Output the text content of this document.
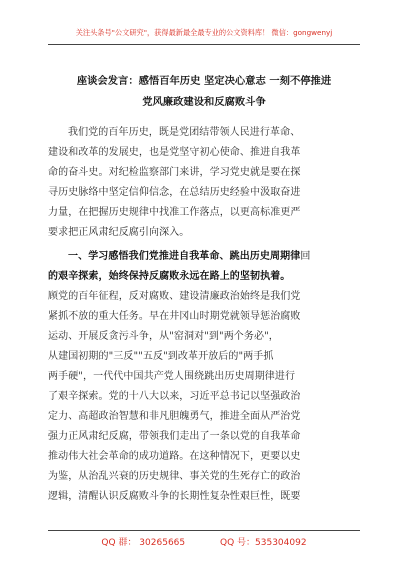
关注头条号"公文研究"，获得最新最全最专业的公文资料库！ 微信：gongwenyj
座谈会发言：感悟百年历史 坚定决心意志 一刻不停推进
党风廉政建设和反腐败斗争
我们党的百年历史，既是党团结带领人民进行革命、
建设和改革的发展史，也是党坚守初心使命、推进自我革
命的奋斗史。对纪检监察部门来讲，学习党史就是要在探
寻历史脉络中坚定信仰信念，在总结历史经验中汲取奋进
力量，在把握历史规律中找准工作落点，以更高标准更严
要求把正风肃纪反腐引向深入。
一、学习感悟我们党推进自我革命、跳出历史周期律回
的艰辛探索，始终保持反腐败永远在路上的坚韧执着。
顾党的百年征程，反对腐败、建设清廉政治始终是我们党
紧抓不放的重大任务。早在井冈山时期党就领导惩治腐败
运动、开展反贪污斗争，从"窑洞对"到"两个务必"，
从建国初期的"三反""五反"到改革开放后的"两手抓
两手硬"，一代代中国共产党人围绕跳出历史周期律进行
了艰辛探索。党的十八大以来，习近平总书记以坚强政治
定力、高超政治智慧和非凡胆魄勇气，推进全面从严治党
强力正风肃纪反腐，带领我们走出了一条以党的自我革命
推动伟大社会革命的成功道路。在这种情况下，更要以史
为鉴，从治乱兴衰的历史规律、事关党的生死存亡的政治
逻辑，清醒认识反腐败斗争的长期性复杂性艰巨性，既要
QQ 群： 30265665	QQ 号：535304092
